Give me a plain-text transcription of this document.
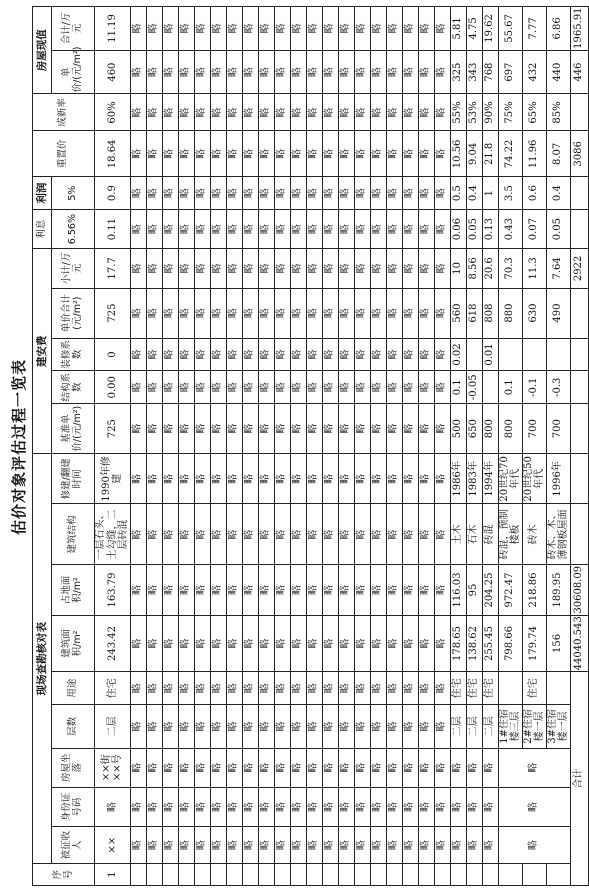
估价对象评估过程一览表
序号	现场查勘核对表									建安费					利息	利润	重置价	成新率	房屋现值	
	被征收人	身份证号码	房屋坐落	层数	用途	建筑面积/m²	占地面积/m²	建筑结构	修建/翻建时间	基准单价/(元/m²)	结构系数	装修系数	单价合计(元/m²)	小计/万元	6.56%	5%			单价/(元/m²)	合计/万元
1	××	略	××街××号	二层	住宅	243.42	163.79	一层石头、土勾缝，二层砖混	1990年修建	725	0.00	0	725	17.7	0.11	0.9	18.64	60%	460	11.19
	略	略	略	略	略	略	略	略	略	略	略	略	略	略	略	略	略	略	略	略
	略	略	略	略	略	略	略	略	略	略	略	略	略	略	略	略	略	略	略	略
	略	略	略	略	略	略	略	略	略	略	略	略	略	略	略	略	略	略	略	略
	略	略	略	略	略	略	略	略	略	略	略	略	略	略	略	略	略	略	略	略
	略	略	略	略	略	略	略	略	略	略	略	略	略	略	略	略	略	略	略	略
	略	略	略	略	略	略	略	略	略	略	略	略	略	略	略	略	略	略	略	略
	略	略	略	略	略	略	略	略	略	略	略	略	略	略	略	略	略	略	略	略
	略	略	略	略	略	略	略	略	略	略	略	略	略	略	略	略	略	略	略	略
	略	略	略	略	略	略	略	略	略	略	略	略	略	略	略	略	略	略	略	略
	略	略	略	略	略	略	略	略	略	略	略	略	略	略	略	略	略	略	略	略
	略	略	略	略	略	略	略	略	略	略	略	略	略	略	略	略	略	略	略	略
	略	略	略	略	略	略	略	略	略	略	略	略	略	略	略	略	略	略	略	略
	略	略	略	略	略	略	略	略	略	略	略	略	略	略	略	略	略	略	略	略
	略	略	略	略	略	略	略	略	略	略	略	略	略	略	略	略	略	略	略	略
	略	略	略	略	略	略	略	略	略	略	略	略	略	略	略	略	略	略	略	略
	略	略	略	略	略	略	略	略	略	略	略	略	略	略	略	略	略	略	略	略
	略	略	略	略	略	略	略	略	略	略	略	略	略	略	略	略	略	略	略	略
	略	略	略	略	略	略	略	略	略	略	略	略	略	略	略	略	略	略	略	略
	略	略	略	略	略	略	略	略	略	略	略	略	略	略	略	略	略	略	略	略
	略	略	略	略	略	略	略	略	略	略	略	略	略	略	略	略	略	略	略	略
	略	略	略	二层	住宅	178.65	116.03	土木	1986年	500	0.1	0.02	560	10	0.06	0.5	10.56	55%	325	5.81
	略	略	略	二层	住宅	138.62	95	石木	1983年	650	-0.05		618	8.56	0.05	0.4	9.04	53%	343	4.75
	略	略	略	二层	住宅	255.45	204.25	砖混	1994年	800		0.01	808	20.6	0.13	1	21.8	90%	768	19.62
	略	略	略	1#住宿楼三层		798.66	972.47	砖混，预制楼板	20世纪70年代	800	0.1		880	70.3	0.43	3.5	74.22	75%	697	55.67
				2#住宿楼一层	住宅	179.74	218.86	砖木	20世纪50年代	700	-0.1		630	11.3	0.07	0.6	11.96	65%	432	7.77
				3#住宿楼一层		156	189.95	砖木、木、薄钢板屋面	1996年	700	-0.3		490	7.64	0.05	0.4	8.07	85%	440	6.86
合计						44040.543	30608.09							2922			3086		446	1965.91
